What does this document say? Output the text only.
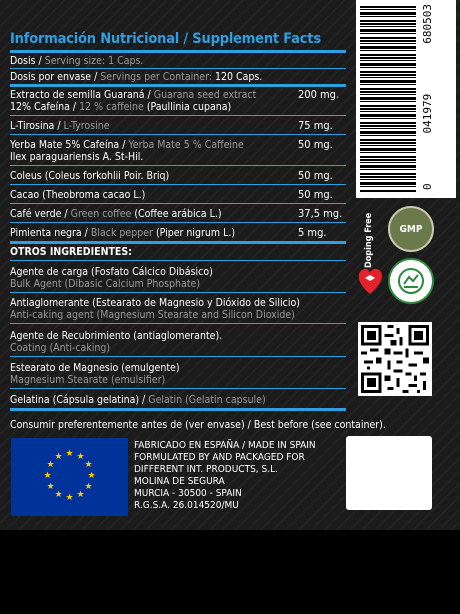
Información Nutricional / Supplement Facts
Dosis / Serving size: 1 Caps.
Dosis por envase / Servings per Container: 120 Caps.
Extracto de semilla Guaraná / Guarana seed extract	200 mg.
12% Cafeína / 12 % caffeine (Paullinia cupana)
L-Tirosina / L-Tyrosine	75 mg.
Yerba Mate 5% Cafeína / Yerba Mate 5 % Caffeine	50 mg.
Ilex paraguariensis A. St-Hil.
Coleus (Coleus forkohlii Poir. Briq)	50 mg.
Cacao (Theobroma cacao L.)	50 mg.
Café verde / Green coffee (Coffee arábica L.)	37,5 mg.
Pimienta negra / Black pepper (Piper nigrum L.)	5 mg.
OTROS INGREDIENTES:
Agente de carga (Fosfato Cálcico Dibásico)
Bulk Agent (Dibasic Calcium Phosphate)
Antiaglomerante (Estearato de Magnesio y Dióxido de Silicio)
Anti-caking agent (Magnesium Stearate and Silicon Dioxide)
Agente de Recubrimiento (antiaglomerante).
Coating (Anti-caking)
Estearato de Magnesio (emulgente)
Magnesium Stearate (emulsifier)
Gelatina (Cápsula gelatina) / Gelatin (Gelatin capsule)
0
041979
680503
Doping Free	GMP
Consumir preferentemente antes de (ver envase) / Best before (see container).
★ ★
★
★
★
★
★
★
★
★
★
★
FABRICADO EN ESPAÑA / MADE IN SPAIN
FORMULATED BY AND PACKAGED FOR
DIFFERENT INT. PRODUCTS, S.L.
MOLINA DE SEGURA
MURCIA - 30500 - SPAIN
R.G.S.A. 26.014520/MU
